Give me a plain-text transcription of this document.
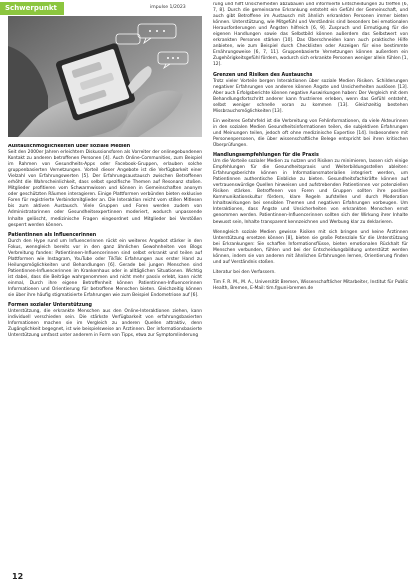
Schwerpunkt	impulse 1/2023
Austauschmöglichkeiten über soziale Medien

Seit den 2000er Jahren erleichtern Diskussionsforen als Vorreiter der onlinegebundenen Kontakt zu anderen betroffenen Personen [4]. Auch Online-Communities, zum Beispiel im Rahmen von Gesundheits-Apps oder Facebook-Gruppen, erlauben solche gruppenbasierten Vernetzungen. Vorteil dieser Angebote ist die Verfügbarkeit einer Vielzahl von Erfahrungswerten [5]. Der Erfahrungsaustausch zwischen Betroffenen erhöht die Wahrscheinlichkeit, dass selbst spezifische Themen auf Resonanz stoßen. Mitglieder profitieren vom Schwarmwissen und können in Gemeinschaften anonym oder geschützten Räumen interagieren. Einige Plattformen verbünden bieten exklusive Foren für registrierte Verbindsmitglieder an. Die Interaktion reicht vom stillen Mitlesen bis zum aktiven Austausch. Viele Gruppen und Foren werden zudem von Administratorinnen oder Gesundheitsexpertinnen moderiert, wodurch unpassende Inhalte gelöscht, medizinische Fragen eingeordnet und Mitglieder bei Verstößen gesperrt werden können.

Patientinnen als Influencerinnen

Durch den Hype rund um Influencerinnen rückt ein weiteres Angebot stärker in den Fokus, wenngleich bereits vor in den ganz ähnlichen Gewohnheiten von Blogs Verbreitung fanden: Patientinnen-Influencerinnen sind selbst erkrankt und teilen auf Plattformen wie Instagram, YouTube oder TikTok Erfahrungen aus erster Hand zu Heilungsmöglichkeiten und Behandlungen [6]. Gerade bei jungen Menschen sind Patientinnen-Influencerinnen im Krankenhaus oder in alltäglichen Situationen. Wichtig ist dabei, dass die Beiträge wahrgenommen und nicht mehr passiv erlebt, kann nicht einmal, Durch ihre eigene Betroffenheit können Patientinnen-Influencerinnen Informationen und Orientierung für betroffene Menschen bieten. Gleichzeitig können sie über ihre häufig stigmatisierte Erfahrungen wie zum Beispiel Endometriose auf [6].

Formen sozialer Unterstützung

Unterstützung, die erkrankte Menschen aus den Online-Interaktionen ziehen, kann individuell verschieden sein. Die stärkste Verfügbarkeit von erfahrungsbasierten Informationen machen sie im Vergleich zu anderen Quellen attraktiv, denn Zugänglichkeit begegnet, ist wie beispielsweise an Ärztinnen. Der informationsbasierte Unterstützung umfasst unter anderem in Form von Tipps, etwa zur Symptomlinderung

rung und hilft Unsicherheiten abzubauen und informierte Entscheidungen zu treffen [6, 7, 8]. Durch die gemeinsame Erkrankung entsteht ein Gefühl der Gemeinschaft, und auch gibt Betroffene im Austausch mit ähnlich erkrankten Personen immer bieten können. Unterstützung, wie Mitgefühl und Verständnis sind besonders bei emotionalen Herausforderungen und Ängsten hilfreich [6, 9]. Zuspruch und Ermutigung für die eigenen Handlungen sowie das Selbstbild können außerdem das Selbstwert von erkrankten Personen stärken [10]. Das Überschneiden kann auch praktische Hilfe anbieten, wie zum Beispiel durch Checklisten oder Anzeigen für eine bestimmte Ernährungsweise [6, 7, 11]. Gruppenbasierte Vernetzungen können außerdem ein Zugehörigkeitsgefühl fördern, wodurch sich erkrankte Personen weniger allein fühlen [1, 12].

Grenzen und Risiken des Austauschs

Trotz vieler Vorteile bergen Interaktionen über soziale Medien Risiken. Schilderungen negativer Erfahrungen von anderen können Ängste und Unsicherheiten auslösen [13]. Aber auch Erfolgsberichte können negative Auswirkungen haben: Der Vergleich mit dem Behandlungsfortschritt anderer kann frustrieren erleben, wenn das Gefühl entsteht, selbst weniger schnelle voran zu kommen [13]. Gleichzeitig bestehen Missbrauchsmöglichkeiten [13].

Ein weiteres Gefahrfeld ist die Verbreitung von Fehlinformationen, da viele Akteurinnen in den sozialen Medien Gesundheitsinformationen teilen, die subjektiven Erfahrungen und Meinungen teilen, jedoch oft ohne medizinische Expertise [14]. Insbesondere mit Personenpersonen, die über wissenschaftliche Belege entspricht bei ihren kritischen Überprüfungen.

Handlungsempfehlungen für die Praxis

Um die Vorteile sozialer Medien zu nutzen und Risiken zu minimieren, lassen sich einige Empfehlungen für die Gesundheitspraxis und Weiterbildungsstellen ableiten: Erfahrungsberichte können in Informationsmaterialien integriert werden, um Patientinnen authentische Einblicke zu bieten. Gesundheitsfachkräfte können auf vertrauenswürdige Quellen hinweisen und aufstrebenden Patientinnen vor potenziellen Risiken stärken. Betroffenen von Foren und Gruppen sollten ihre positive Kommunikationskultur fördern, klare Regeln aufstellen und durch Moderation Inhaltswirkungen bei sensiblen Themen und negativen Erfahrungen vorbeugen. Um Interaktionen, dass Ängste und Unsicherheiten von erkrankten Menschen ernst genommen werden. Patientinnen-Influencerinnen sollten sich der Wirkung ihrer Inhalte bewusst sein, Inhalte transparent kennzeichnen und Werbung klar zu deklarieren.

Wenngleich soziale Medien gewisse Risiken mit sich bringen und keine Ärztinnen Unterstützung ersetzen können [8], bieten sie große Potenziale für die Unterstützung bei Erkrankungen: Sie schaffen Informationsflüsse, bieten emotionalen Rückhalt für Menschen verbunden, fühlen und bei der Entscheidungsbildung unterstützt werden können, indem sie von anderen mit ähnlichen Erfahrungen lernen, Orientierung finden und auf Verständnis stoßen.

Literatur bei den Verfassern.

Tim F. R. M., M. A., Universität Bremen, Wissenschaftlicher Mitarbeiter, Institut für Public Health, Bremen, E-Mail: tim.f@uni-bremen.de

12
